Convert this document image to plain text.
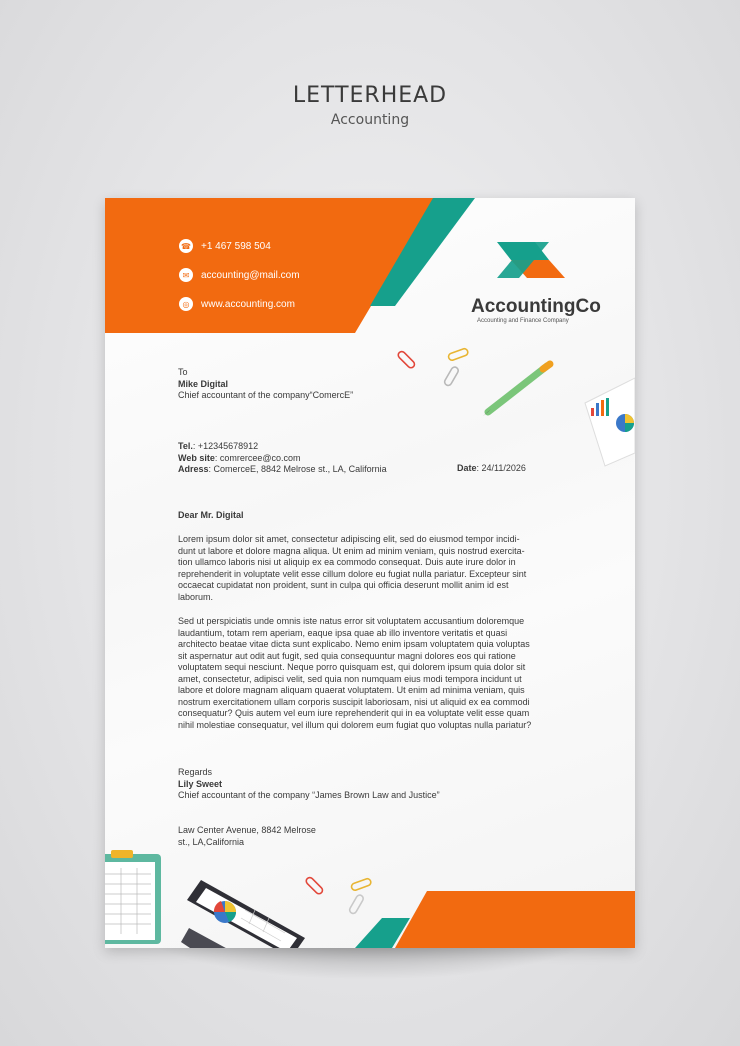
LETTERHEAD
Accounting
☎ +1 467 598 504
✉	accounting@mail.com
◎	www.accounting.com	AccountingCo
Accounting and Finance Company
To
Mike Digital
Chief accountant of the company“ComercE”
Tel.: +12345678912
Web site: comrercee@co.com
Adress: ComerceE, 8842 Melrose st., LA, California	Date: 24/11/2026
Dear Mr. Digital
Lorem ipsum dolor sit amet, consectetur adipiscing elit, sed do eiusmod tempor incidi-
dunt ut labore et dolore magna aliqua. Ut enim ad minim veniam, quis nostrud exercita-
tion ullamco laboris nisi ut aliquip ex ea commodo consequat. Duis aute irure dolor in
reprehenderit in voluptate velit esse cillum dolore eu fugiat nulla pariatur. Excepteur sint
occaecat cupidatat non proident, sunt in culpa qui officia deserunt mollit anim id est
laborum.
Sed ut perspiciatis unde omnis iste natus error sit voluptatem accusantium doloremque
laudantium, totam rem aperiam, eaque ipsa quae ab illo inventore veritatis et quasi
architecto beatae vitae dicta sunt explicabo. Nemo enim ipsam voluptatem quia voluptas
sit aspernatur aut odit aut fugit, sed quia consequuntur magni dolores eos qui ratione
voluptatem sequi nesciunt. Neque porro quisquam est, qui dolorem ipsum quia dolor sit
amet, consectetur, adipisci velit, sed quia non numquam eius modi tempora incidunt ut
labore et dolore magnam aliquam quaerat voluptatem. Ut enim ad minima veniam, quis
nostrum exercitationem ullam corporis suscipit laboriosam, nisi ut aliquid ex ea commodi
consequatur? Quis autem vel eum iure reprehenderit qui in ea voluptate velit esse quam
nihil molestiae consequatur, vel illum qui dolorem eum fugiat quo voluptas nulla pariatur?
Regards
Lily Sweet
Chief accountant of the company “James Brown Law and Justice”
Law Center Avenue, 8842 Melrose
st., LA,California
